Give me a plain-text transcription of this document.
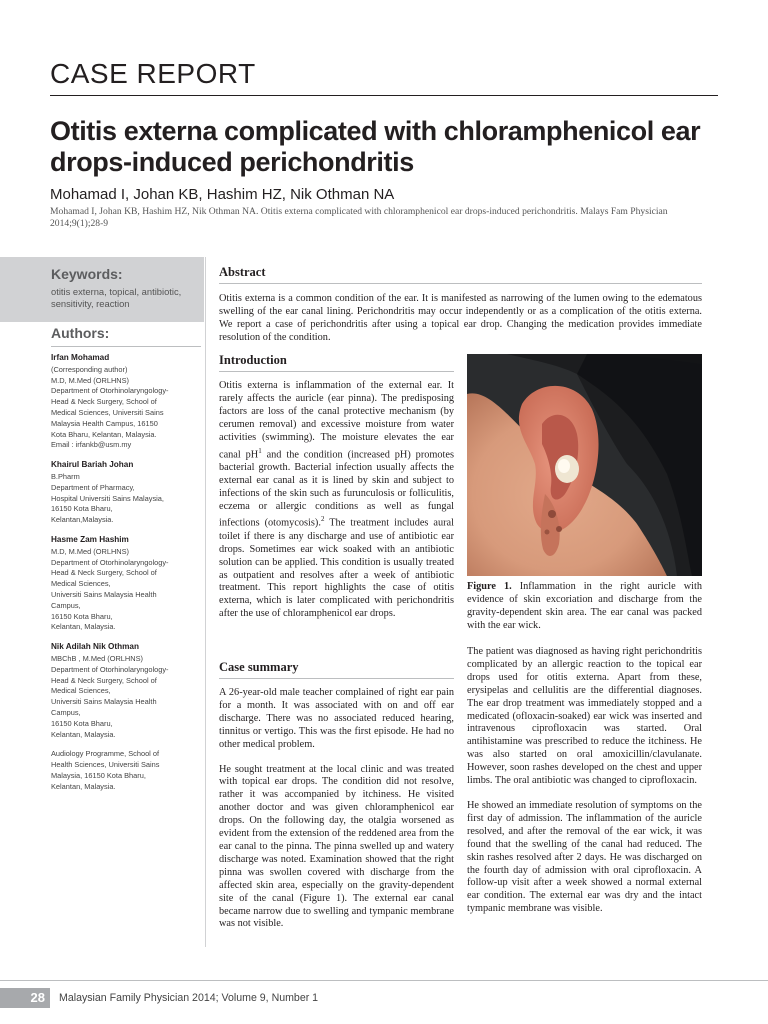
CASE REPORT
Otitis externa complicated with chloramphenicol ear drops-induced perichondritis
Mohamad I, Johan KB, Hashim HZ, Nik Othman NA
Mohamad I, Johan KB, Hashim HZ, Nik Othman NA. Otitis externa complicated with chloramphenicol ear drops-induced perichondritis. Malays Fam Physician 2014;9(1);28-9
Keywords:
otitis externa, topical, antibiotic, sensitivity, reaction
Authors:
Irfan Mohamad
(Corresponding author)
M.D, M.Med (ORLHNS)
Department of Otorhinolaryngology-
Head & Neck Surgery, School of
Medical Sciences, Universiti Sains
Malaysia Health Campus, 16150
Kota Bharu, Kelantan, Malaysia.
Email : irfankb@usm.my
Khairul Bariah Johan
B.Pharm
Department of Pharmacy,
Hospital Universiti Sains Malaysia,
16150 Kota Bharu,
Kelantan,Malaysia.
Hasme Zam Hashim
M.D, M.Med (ORLHNS)
Department of Otorhinolaryngology-
Head & Neck Surgery, School of
Medical Sciences,
Universiti Sains Malaysia Health
Campus,
16150 Kota Bharu,
Kelantan, Malaysia.
Nik Adilah Nik Othman
MBChB , M.Med (ORLHNS)
Department of Otorhinolaryngology-
Head & Neck Surgery, School of
Medical Sciences,
Universiti Sains Malaysia Health
Campus,
16150 Kota Bharu,
Kelantan, Malaysia.
Audiology Programme, School of
Health Sciences, Universiti Sains
Malaysia, 16150 Kota Bharu,
Kelantan, Malaysia.
Abstract
Otitis externa is a common condition of the ear. It is manifested as narrowing of the lumen owing to the edematous swelling of the ear canal lining. Perichondritis may occur independently or as a complication of the otitis externa. We report a case of perichondritis after using a topical ear drop. Changing the medication provides immediate resolution of the condition.
Introduction
Otitis externa is inflammation of the external ear. It rarely affects the auricle (ear pinna). The predisposing factors are loss of the canal protective mechanism (by cerumen removal) and excessive moisture from water activities (swimming). The moisture elevates the ear canal $pH^1$ and the condition (increased pH) promotes bacterial growth. Bacterial infection usually affects the external ear canal as it is lined by skin and subject to infections of the skin such as furunculosis or folliculitis, eczema or allergic conditions as well as fungal infections (otomycosis).$^2$ The treatment includes aural toilet if there is any discharge and use of antibiotic ear drops. Sometimes ear wick soaked with an antibiotic solution can be applied. This condition is usually treated as outpatient and resolves after a week of antibiotic treatment. This report highlights the case of otitis externa, which is later complicated with perichondritis after the use of chloramphenicol ear drops.
Case summary

A 26-year-old male teacher complained of right ear pain for a month. It was associated with on and off ear discharge. There was no associated reduced hearing, tinnitus or vertigo. This was the first episode. He had no other medical problem.

He sought treatment at the local clinic and was treated with topical ear drops. The condition did not resolve, rather it was accompanied by itchiness. He visited another doctor and was given chloramphenicol ear drops. On the following day, the otalgia worsened as evident from the extension of the reddened area from the ear canal to the pinna. The pinna swelled up and watery discharge was noted. Examination showed that the right pinna was swollen covered with discharge from the affected skin area, especially on the gravity-dependent site of the canal (Figure 1). The external ear canal became narrow due to swelling and tympanic membrane was not visible.

Figure 1. Inflammation in the right auricle with evidence of skin excoriation and discharge from the gravity-dependent skin area. The ear canal was packed with the ear wick.

The patient was diagnosed as having right perichondritis complicated by an allergic reaction to the topical ear drops used for otitis externa. Apart from these, erysipelas and cellulitis are the differential diagnoses. The ear drop treatment was immediately stopped and a medicated (ofloxacin-soaked) ear wick was inserted and intravenous ciprofloxacin was started. Oral antihistamine was prescribed to reduce the itchiness. He was also started on oral amoxicillin/clavulanate. However, soon rashes developed on the chest and upper limbs. The oral antibiotic was changed to ciprofloxacin.

He showed an immediate resolution of symptoms on the first day of admission. The inflammation of the auricle resolved, and after the removal of the ear wick, it was found that the swelling of the canal had reduced. The skin rashes resolved after 2 days. He was discharged on the fourth day of admission with oral ciprofloxacin. A follow-up visit after a week showed a normal external ear condition. The external ear was dry and the intact tympanic membrane was visible.

28 Malaysian Family Physician 2014; Volume 9, Number 1
